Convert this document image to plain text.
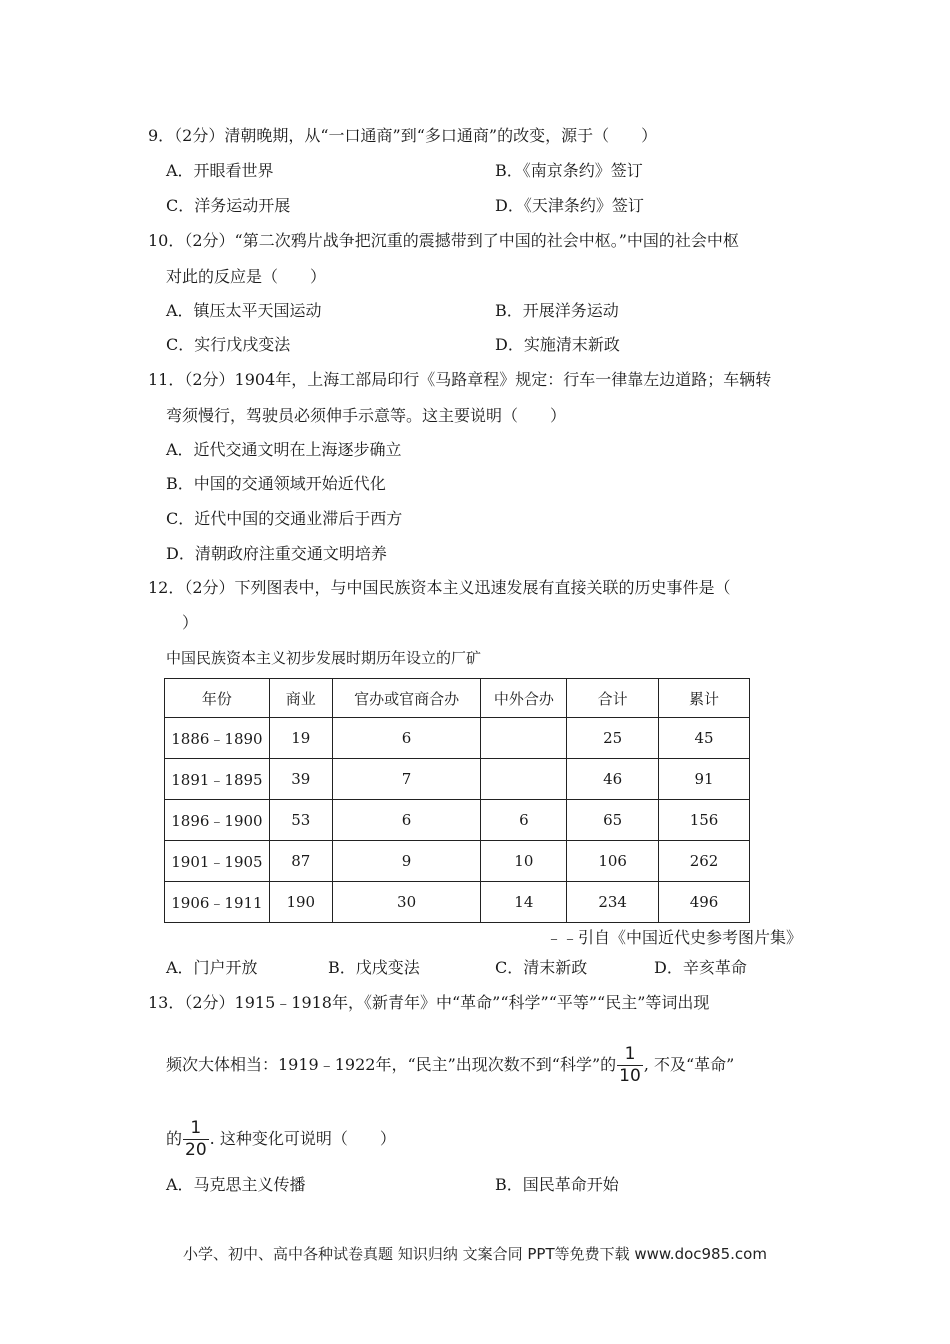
9．（2分）清朝晚期，从“一口通商”到“多口通商”的改变，源于（　　）
A．开眼看世界	B．《南京条约》签订
C．洋务运动开展	D．《天津条约》签订
10．（2分）“第二次鸦片战争把沉重的震撼带到了中国的社会中枢。”中国的社会中枢
对此的反应是（　　）
A．镇压太平天国运动	B．开展洋务运动
C．实行戊戌变法	D．实施清末新政
11．（2分）1904年，上海工部局印行《马路章程》规定：行车一律靠左边道路；车辆转
弯须慢行，驾驶员必须伸手示意等。这主要说明（　　）
A．近代交通文明在上海逐步确立
B．中国的交通领域开始近代化
C．近代中国的交通业滞后于西方
D．清朝政府注重交通文明培养
12．（2分）下列图表中，与中国民族资本主义迅速发展有直接关联的历史事件是（
）
中国民族资本主义初步发展时期历年设立的厂矿
年份	商业	官办或官商合办	中外合办	合计	累计
1886﹣1890	19	6		25	45
1891﹣1895	39	7		46	91
1896﹣1900	53	6	6	65	156
1901﹣1905	87	9	10	106	262
1906﹣1911	190	30	14	234	496
﹣﹣引自《中国近代史参考图片集》
A．门户开放	B．戊戌变法	C．清末新政	D．辛亥革命
13．（2分）1915﹣1918年，《新青年》中“革命”“科学”“平等”“民主”等词出现
频次大体相当：1919﹣1922年，“民主”出现次数不到“科学”的 $\frac{1}{10}$ , 不及“革命”
的 $\frac{1}{20}$ . 这种变化可说明（　　）
A．马克思主义传播	B．国民革命开始
小学、初中、高中各种试卷真题 知识归纳 文案合同 PPT等免费下载 www.doc985.com
